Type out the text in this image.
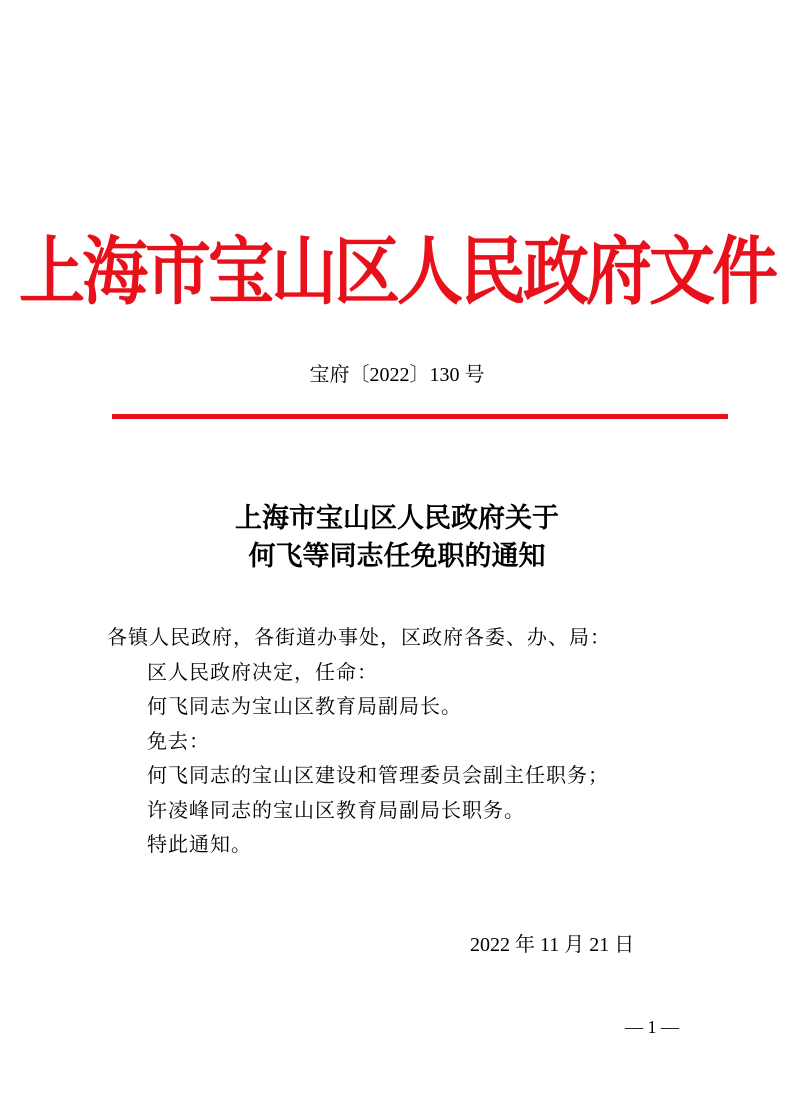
上海市宝山区人民政府文件
宝府〔2022〕130 号
上海市宝山区人民政府关于
何飞等同志任免职的通知

各镇人民政府，各街道办事处，区政府各委、办、局：

区人民政府决定，任命：

何飞同志为宝山区教育局副局长。

免去：

何飞同志的宝山区建设和管理委员会副主任职务；

许凌峰同志的宝山区教育局副局长职务。

特此通知。

2022 年 11 月 21 日
— 1 —
